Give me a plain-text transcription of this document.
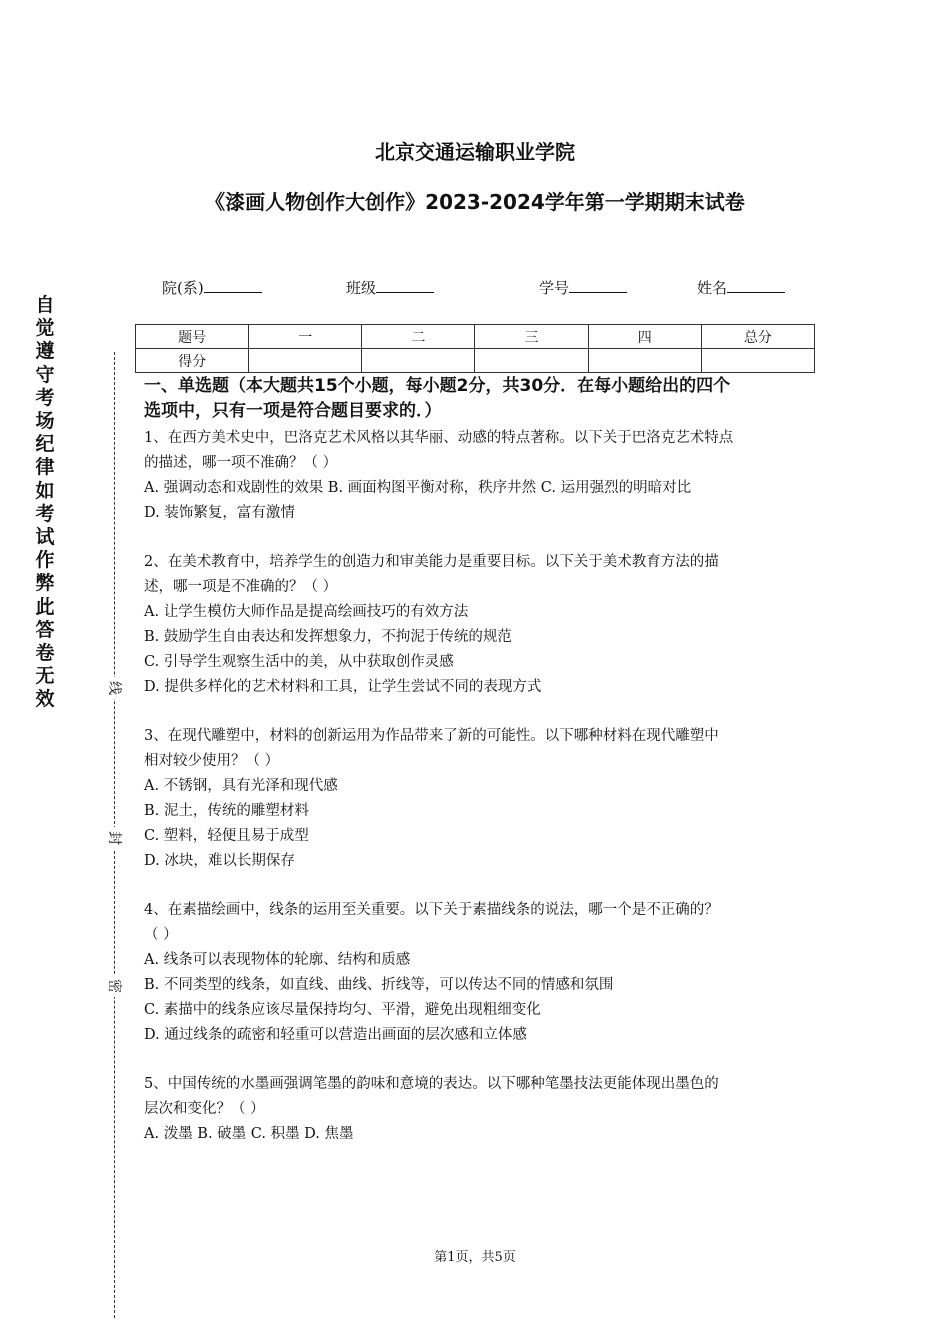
北京交通运输职业学院
《漆画人物创作大创作》2023-2024学年第一学期期末试卷
院(系)	班级	学号	姓名
题号	一	二	三	四	总分
得分					
自
觉
遵
守
考
场
纪
律
如
考
试
作
弊
此
答
卷
无
效
线
封
密
一、单选题（本大题共15个小题，每小题2分，共30分．在每小题给出的四个
选项中，只有一项是符合题目要求的．）
1、在西方美术史中，巴洛克艺术风格以其华丽、动感的特点著称。以下关于巴洛克艺术特点
的描述，哪一项不准确？（ ）
A. 强调动态和戏剧性的效果 B. 画面构图平衡对称，秩序井然 C. 运用强烈的明暗对比
D. 装饰繁复，富有激情
2、在美术教育中，培养学生的创造力和审美能力是重要目标。以下关于美术教育方法的描
述，哪一项是不准确的？（ ）
A. 让学生模仿大师作品是提高绘画技巧的有效方法
B. 鼓励学生自由表达和发挥想象力，不拘泥于传统的规范
C. 引导学生观察生活中的美，从中获取创作灵感
D. 提供多样化的艺术材料和工具，让学生尝试不同的表现方式
3、在现代雕塑中，材料的创新运用为作品带来了新的可能性。以下哪种材料在现代雕塑中
相对较少使用？（ ）
A. 不锈钢，具有光泽和现代感
B. 泥土，传统的雕塑材料
C. 塑料，轻便且易于成型
D. 冰块，难以长期保存
4、在素描绘画中，线条的运用至关重要。以下关于素描线条的说法，哪一个是不正确的？
（ ）
A. 线条可以表现物体的轮廓、结构和质感
B. 不同类型的线条，如直线、曲线、折线等，可以传达不同的情感和氛围
C. 素描中的线条应该尽量保持均匀、平滑，避免出现粗细变化
D. 通过线条的疏密和轻重可以营造出画面的层次感和立体感
5、中国传统的水墨画强调笔墨的韵味和意境的表达。以下哪种笔墨技法更能体现出墨色的
层次和变化？（ ）
A. 泼墨 B. 破墨 C. 积墨 D. 焦墨
第1页，共5页
